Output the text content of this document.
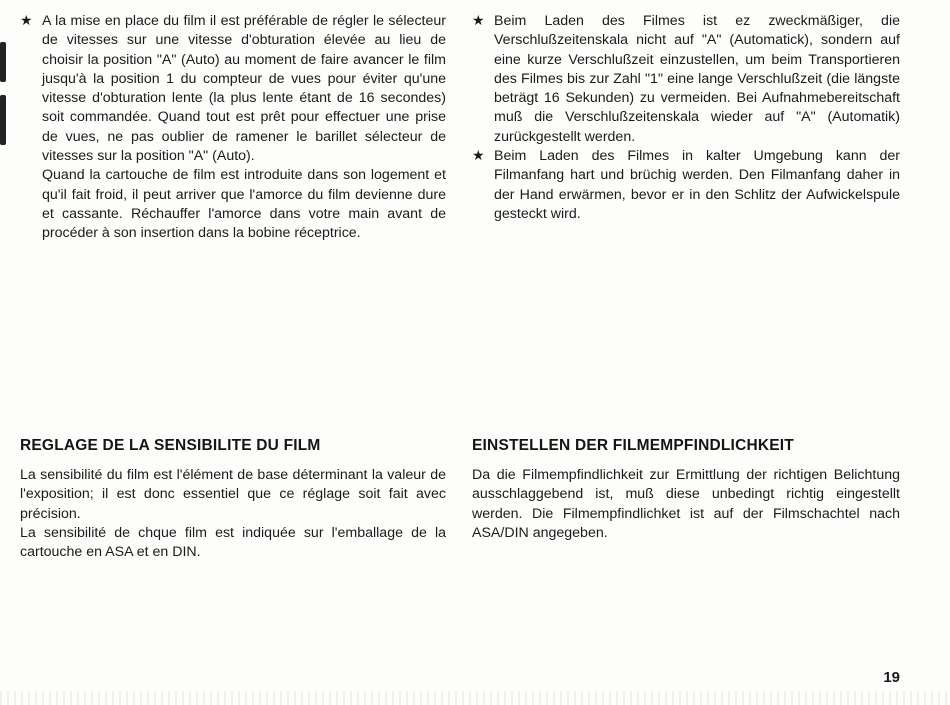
★ A la mise en place du film il est préférable de régler le sélecteur de vitesses sur une vitesse d'obturation élevée au lieu de choisir la position "A" (Auto) au moment de faire avancer le film jusqu'à la position 1 du compteur de vues pour éviter qu'une vitesse d'obturation lente (la plus lente étant de 16 secondes) soit commandée. Quand tout est prêt pour effectuer une prise de vues, ne pas oublier de ramener le barillet sélecteur de vitesses sur la position "A" (Auto).

Quand la cartouche de film est introduite dans son logement et qu'il fait froid, il peut arriver que l'amorce du film devienne dure et cassante. Réchauffer l'amorce dans votre main avant de procéder à son insertion dans la bobine réceptrice.

★ Beim Laden des Filmes ist ez zweckmäßiger, die Verschlußzeitenskala nicht auf "A" (Automatick), sondern auf eine kurze Verschlußzeit einzustellen, um beim Transportieren des Filmes bis zur Zahl "1" eine lange Verschlußzeit (die längste beträgt 16 Sekunden) zu vermeiden. Bei Aufnahmebereitschaft muß die Verschlußzeitenskala wieder auf "A" (Automatik) zurückgestellt werden.

★ Beim Laden des Filmes in kalter Umgebung kann der Filmanfang hart und brüchig werden. Den Filmanfang daher in der Hand erwärmen, bevor er in den Schlitz der Aufwickelspule gesteckt wird.

REGLAGE DE LA SENSIBILITE DU FILM	EINSTELLEN DER FILMEMPFINDLICHKEIT

La sensibilité du film est l'élément de base déterminant la valeur de l'exposition; il est donc essentiel que ce réglage soit fait avec précision.

La sensibilité de chque film est indiquée sur l'emballage de la cartouche en ASA et en DIN.

Da die Filmempfindlichkeit zur Ermittlung der richtigen Belichtung ausschlaggebend ist, muß diese unbedingt richtig eingestellt werden. Die Filmempfindlichket ist auf der Filmschachtel nach ASA/DIN angegeben.

19
